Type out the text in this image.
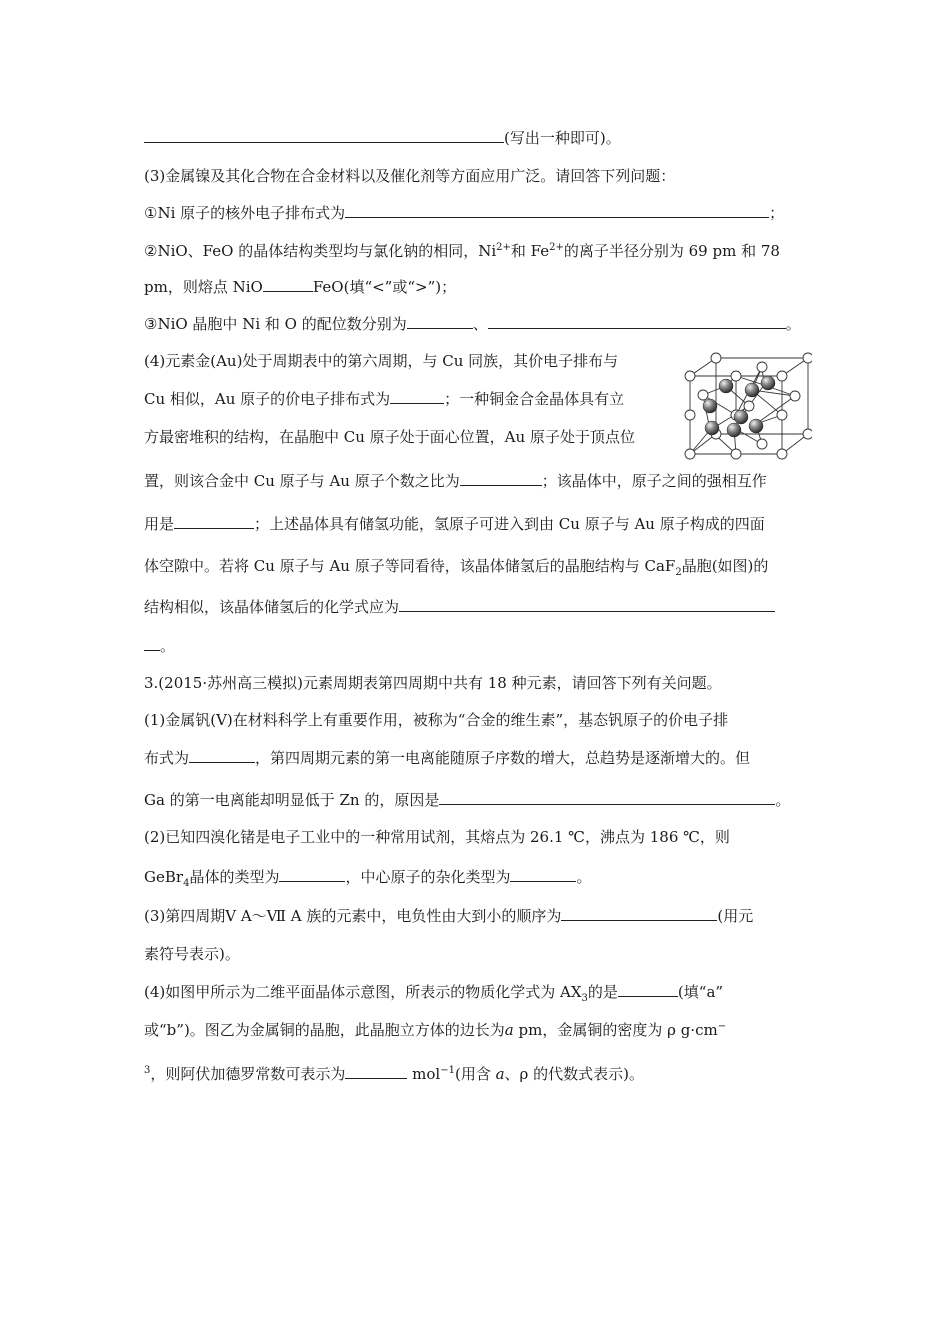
(写出一种即可)。
(3)金属镍及其化合物在合金材料以及催化剂等方面应用广泛。请回答下列问题：
①Ni 原子的核外电子排布式为	；
②NiO、FeO 的晶体结构类型均与氯化钠的相同，$Ni^{2+}$和 $Fe^{2+}$的离子半径分别为 69 pm 和 78
pm，则熔点 NiO	FeO(填“<”或“>”)；
③NiO 晶胞中 Ni 和 O 的配位数分别为	、	。
(4)元素金(Au)处于周期表中的第六周期，与 Cu 同族，其价电子排布与
Cu 相似，Au 原子的价电子排布式为	；一种铜金合金晶体具有立
方最密堆积的结构，在晶胞中 Cu 原子处于面心位置，Au 原子处于顶点位
置，则该合金中 Cu 原子与 Au 原子个数之比为	；该晶体中，原子之间的强相互作
用是	；上述晶体具有储氢功能，氢原子可进入到由 Cu 原子与 Au 原子构成的四面
体空隙中。若将 Cu 原子与 Au 原子等同看待，该晶体储氢后的晶胞结构与 CaF$_2$晶胞(如图)的
结构相似，该晶体储氢后的化学式应为
。
3.(2015·苏州高三模拟)元素周期表第四周期中共有 18 种元素，请回答下列有关问题。
(1)金属钒(V)在材料科学上有重要作用，被称为“合金的维生素”，基态钒原子的价电子排
布式为	，第四周期元素的第一电离能随原子序数的增大，总趋势是逐渐增大的。但
Ga 的第一电离能却明显低于 Zn 的，原因是	。
(2)已知四溴化锗是电子工业中的一种常用试剂，其熔点为 26.1 ℃，沸点为 186 ℃，则
GeBr$_4$晶体的类型为	，中心原子的杂化类型为	。
(3)第四周期Ⅴ A～Ⅶ A 族的元素中，电负性由大到小的顺序为	(用元
素符号表示)。
(4)如图甲所示为二维平面晶体示意图，所表示的物质化学式为 $AX_3$的是	(填“a”
或“b”)。图乙为金属铜的晶胞，此晶胞立方体的边长为a pm，金属铜的密度为 ρ g·cm−
$^3$，则阿伏加德罗常数可表示为	mol$^{-1}$(用含 a、ρ 的代数式表示)。
